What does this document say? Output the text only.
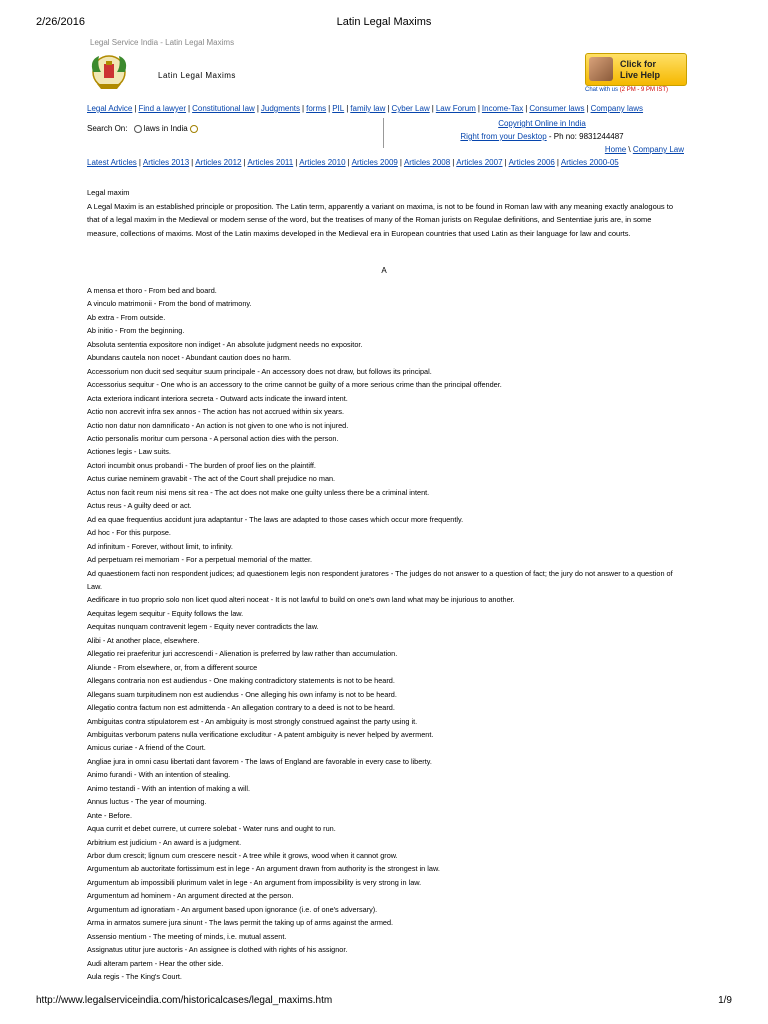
2/26/2016	Latin Legal Maxims
Legal Service India - Latin Legal Maxims
Latin Legal Maxims
Click for
Live Help
Chat with us (2 PM - 9 PM IST)
Legal Advice | Find a lawyer | Constitutional law | Judgments | forms | PIL | family law | Cyber Law | Law Forum | Income-Tax | Consumer laws | Company laws
Search On: laws in India
Copyright Online in India
Right from your Desktop - Ph no: 9831244487
Home \ Company Law
Latest Articles | Articles 2013 | Articles 2012 | Articles 2011 | Articles 2010 | Articles 2009 | Articles 2008 | Articles 2007 | Articles 2006 | Articles 2000-05
Legal maxim
A Legal Maxim is an established principle or proposition. The Latin term, apparently a variant on maxima, is not to be found in Roman law with any meaning exactly analogous to that of a legal maxim in the Medieval or modern sense of the word, but the treatises of many of the Roman jurists on Regulae definitions, and Sententiae juris are, in some measure, collections of maxims. Most of the Latin maxims developed in the Medieval era in European countries that used Latin as their language for law and courts.
A
A mensa et thoro - From bed and board.
A vinculo matrimonii - From the bond of matrimony.
Ab extra - From outside.
Ab initio - From the beginning.
Absoluta sententia expositore non indiget - An absolute judgment needs no expositor.
Abundans cautela non nocet - Abundant caution does no harm.
Accessorium non ducit sed sequitur suum principale - An accessory does not draw, but follows its principal.
Accessorius sequitur - One who is an accessory to the crime cannot be guilty of a more serious crime than the principal offender.
Acta exteriora indicant interiora secreta - Outward acts indicate the inward intent.
Actio non accrevit infra sex annos - The action has not accrued within six years.
Actio non datur non damnificato - An action is not given to one who is not injured.
Actio personalis moritur cum persona - A personal action dies with the person.
Actiones legis - Law suits.
Actori incumbit onus probandi - The burden of proof lies on the plaintiff.
Actus curiae neminem gravabit - The act of the Court shall prejudice no man.
Actus non facit reum nisi mens sit rea - The act does not make one guilty unless there be a criminal intent.
Actus reus - A guilty deed or act.
Ad ea quae frequentius accidunt jura adaptantur - The laws are adapted to those cases which occur more frequently.
Ad hoc - For this purpose.
Ad infinitum - Forever, without limit, to infinity.
Ad perpetuam rei memoriam - For a perpetual memorial of the matter.
Ad quaestionem facti non respondent judices; ad quaestionem legis non respondent juratores - The judges do not answer to a question of fact; the jury do not answer to a question of Law.
Aedificare in tuo proprio solo non licet quod alteri noceat - It is not lawful to build on one's own land what may be injurious to another.
Aequitas legem sequitur - Equity follows the law.
Aequitas nunquam contravenit legem - Equity never contradicts the law.
Alibi - At another place, elsewhere.
Allegatio rei praeferitur juri accrescendi - Alienation is preferred by law rather than accumulation.
Aliunde - From elsewhere, or, from a different source
Allegans contraria non est audiendus - One making contradictory statements is not to be heard.
Allegans suam turpitudinem non est audiendus - One alleging his own infamy is not to be heard.
Allegatio contra factum non est admittenda - An allegation contrary to a deed is not to be heard.
Ambiguitas contra stipulatorem est - An ambiguity is most strongly construed against the party using it.
Ambiguitas verborum patens nulla verificatione excluditur - A patent ambiguity is never helped by averment.
Amicus curiae - A friend of the Court.
Angliae jura in omni casu libertati dant favorem - The laws of England are favorable in every case to liberty.
Animo furandi - With an intention of stealing.
Animo testandi - With an intention of making a will.
Annus luctus - The year of mourning.
Ante - Before.
Aqua currit et debet currere, ut currere solebat - Water runs and ought to run.
Arbitrium est judicium - An award is a judgment.
Arbor dum crescit; lignum cum crescere nescit - A tree while it grows, wood when it cannot grow.
Argumentum ab auctoritate fortissimum est in lege - An argument drawn from authority is the strongest in law.
Argumentum ab impossibili plurimum valet in lege - An argument from impossibility is very strong in law.
Argumentum ad hominem - An argument directed at the person.
Argumentum ad ignoratiam - An argument based upon ignorance (i.e. of one's adversary).
Arma in armatos sumere jura sinunt - The laws permit the taking up of arms against the armed.
Assensio mentium - The meeting of minds, i.e. mutual assent.
Assignatus utitur jure auctoris - An assignee is clothed with rights of his assignor.
Audi alteram partem - Hear the other side.
Aula regis - The King's Court.
http://www.legalserviceindia.com/historicalcases/legal_maxims.htm	1/9
